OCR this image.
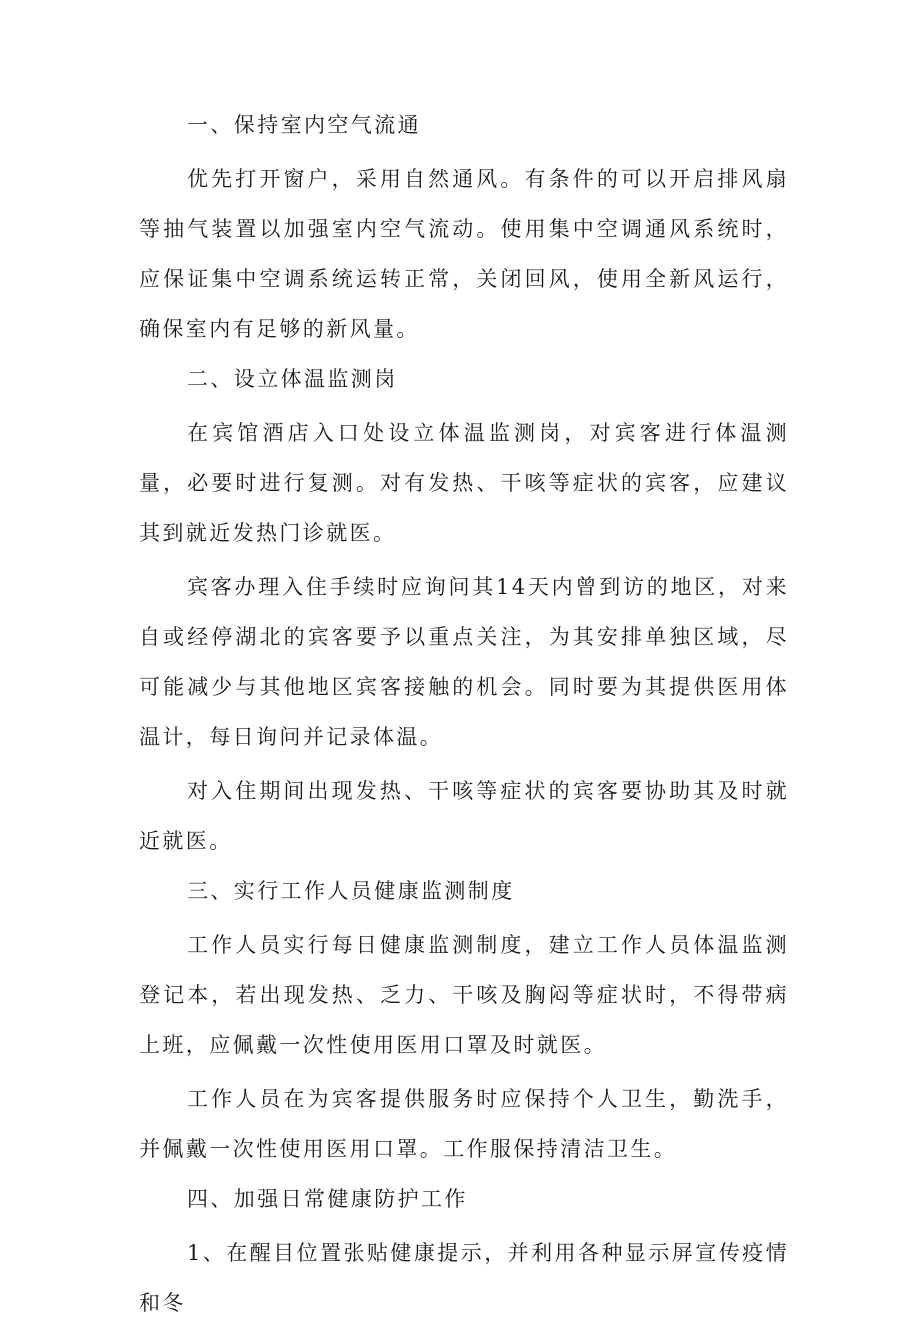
一、保持室内空气流通

优先打开窗户，采用自然通风。有条件的可以开启排风扇等抽气装置以加强室内空气流动。使用集中空调通风系统时，应保证集中空调系统运转正常，关闭回风，使用全新风运行，确保室内有足够的新风量。

二、设立体温监测岗

在宾馆酒店入口处设立体温监测岗，对宾客进行体温测量，必要时进行复测。对有发热、干咳等症状的宾客，应建议其到就近发热门诊就医。

宾客办理入住手续时应询问其14天内曾到访的地区，对来自或经停湖北的宾客要予以重点关注，为其安排单独区域，尽可能减少与其他地区宾客接触的机会。同时要为其提供医用体温计，每日询问并记录体温。

对入住期间出现发热、干咳等症状的宾客要协助其及时就近就医。

三、实行工作人员健康监测制度

工作人员实行每日健康监测制度，建立工作人员体温监测登记本，若出现发热、乏力、干咳及胸闷等症状时，不得带病上班，应佩戴一次性使用医用口罩及时就医。

工作人员在为宾客提供服务时应保持个人卫生，勤洗手，并佩戴一次性使用医用口罩。工作服保持清洁卫生。

四、加强日常健康防护工作

1、在醒目位置张贴健康提示，并利用各种显示屏宣传疫情和冬
